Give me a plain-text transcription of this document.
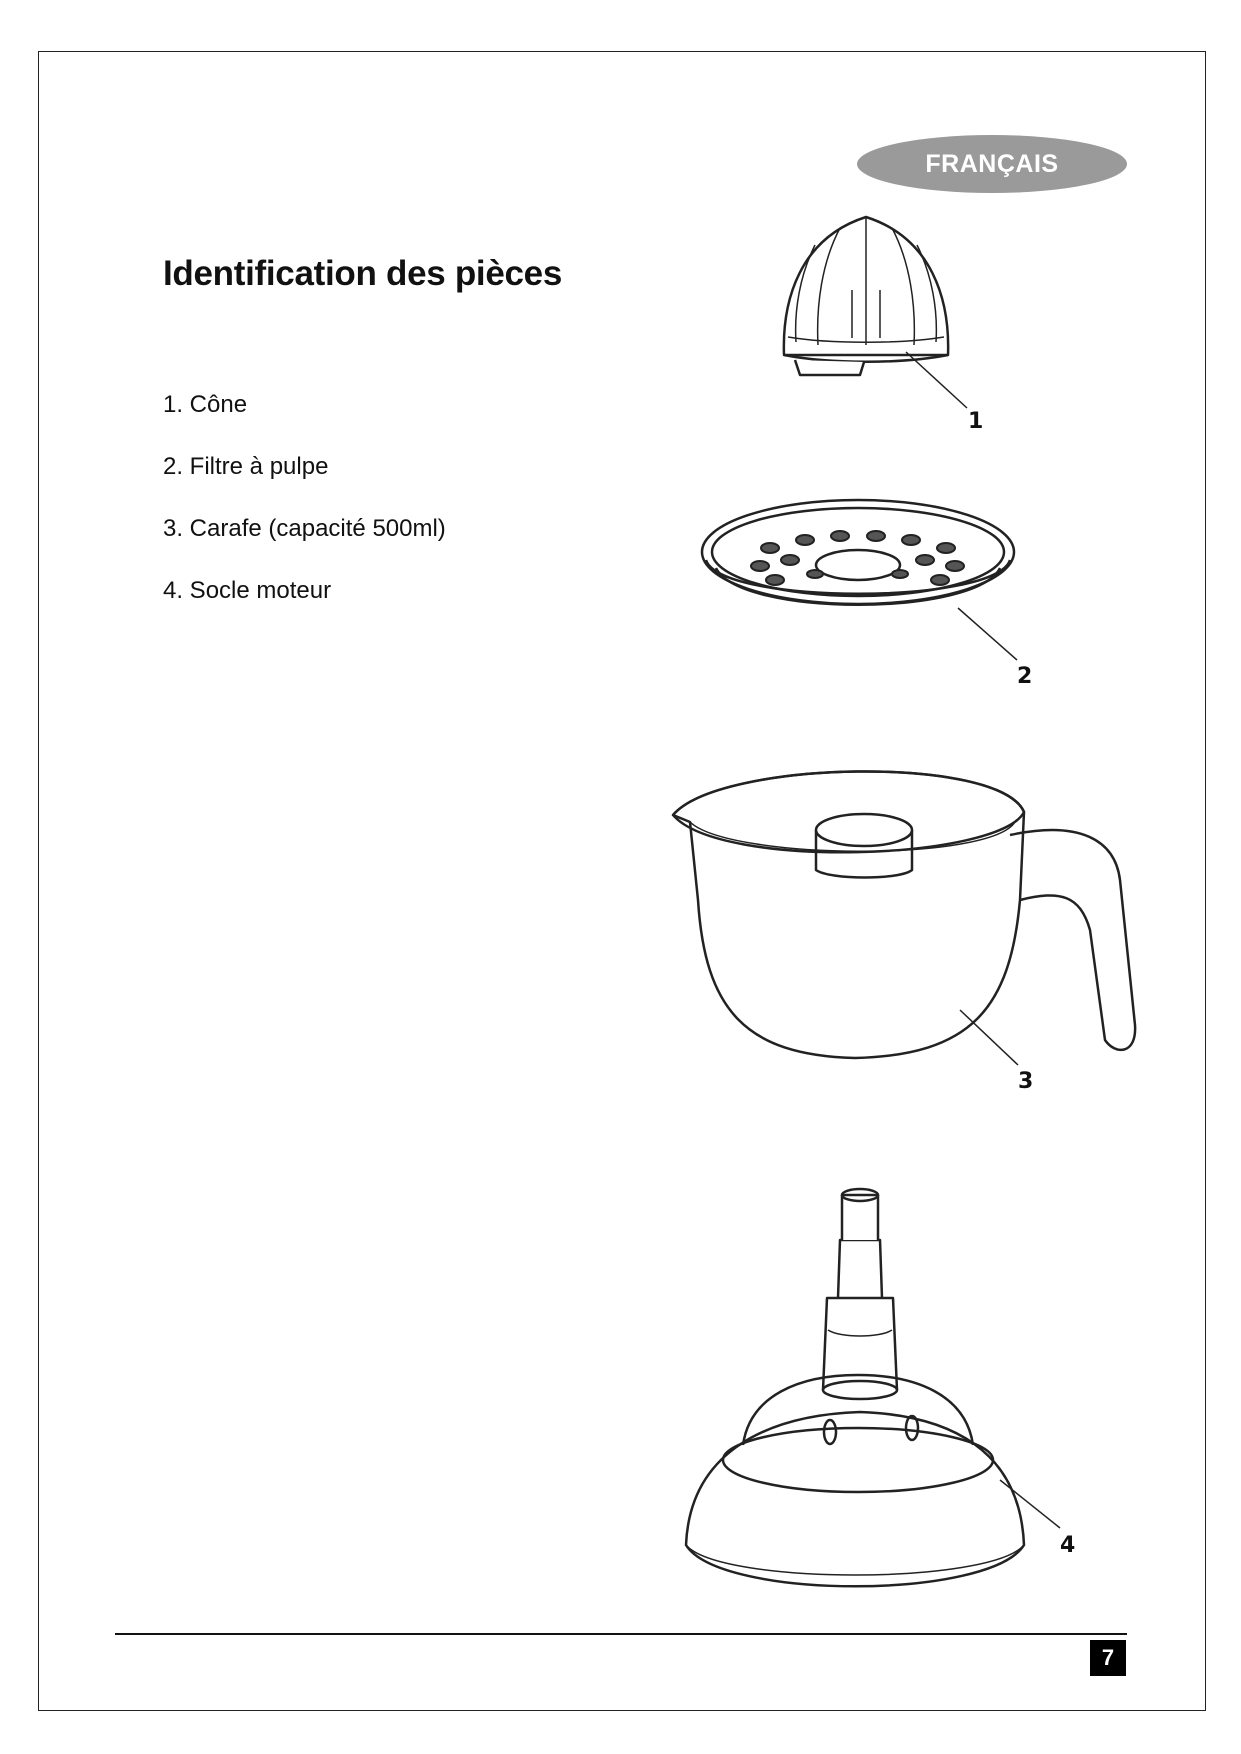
FRANÇAIS
Identification des pièces
1. Cône
2. Filtre à pulpe
3. Carafe (capacité 500ml)
4. Socle moteur
1
2
3
4
7
